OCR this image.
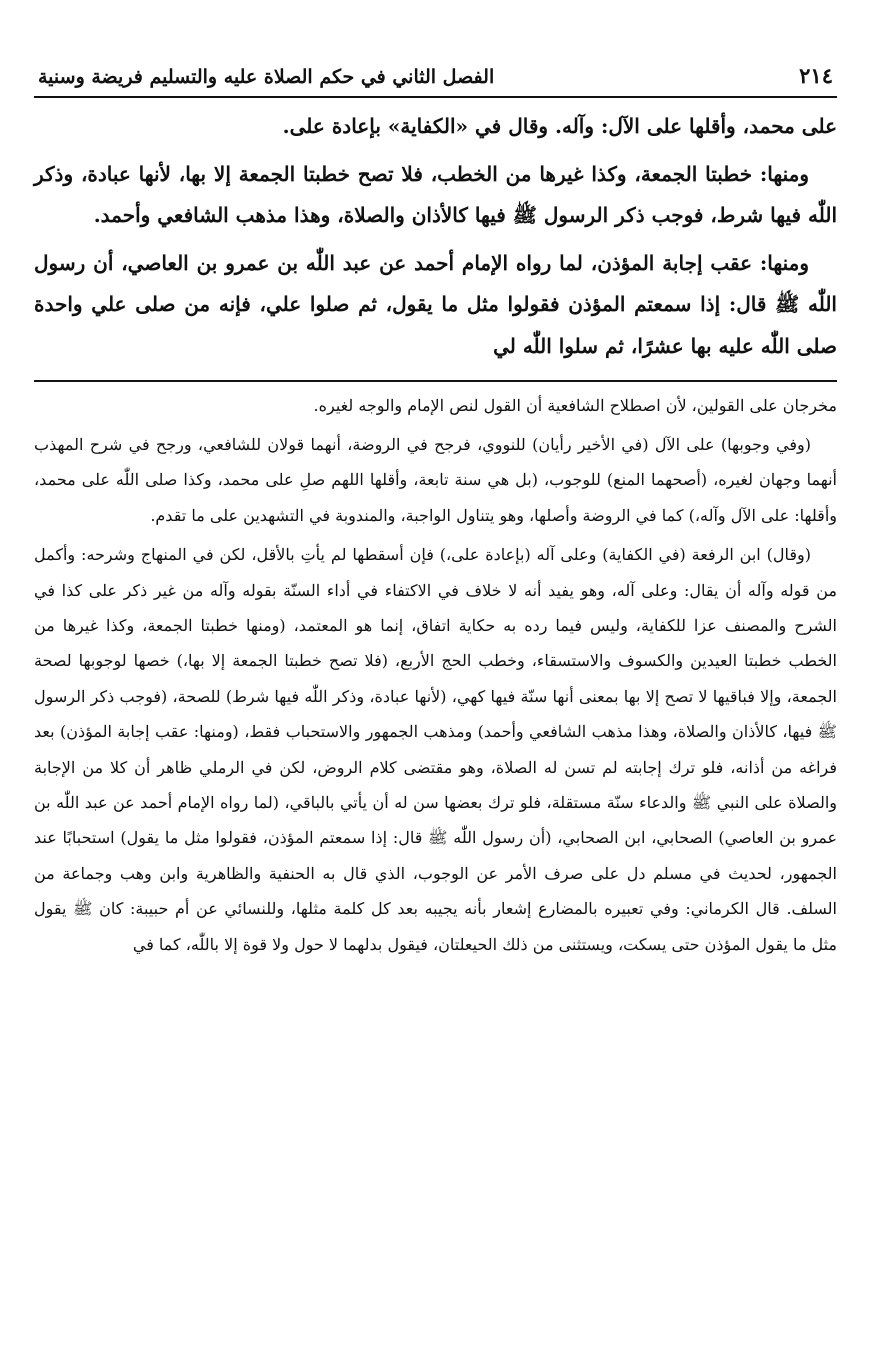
٢١٤
الفصل الثاني في حكم الصلاة عليه والتسليم فريضة وسنية

على محمد، وأقلها على الآل: وآله. وقال في «الكفاية» بإعادة على.

ومنها: خطبتا الجمعة، وكذا غيرها من الخطب، فلا تصح خطبتا الجمعة إلا بها، لأنها عبادة، وذكر اللّٰه فيها شرط، فوجب ذكر الرسول ﷺ فيها كالأذان والصلاة، وهذا مذهب الشافعي وأحمد.

ومنها: عقب إجابة المؤذن، لما رواه الإمام أحمد عن عبد اللّٰه بن عمرو بن العاصي، أن رسول اللّٰه ﷺ قال: إذا سمعتم المؤذن فقولوا مثل ما يقول، ثم صلوا علي، فإنه من صلى علي واحدة صلى اللّٰه عليه بها عشرًا، ثم سلوا اللّٰه لي

مخرجان على القولين، لأن اصطلاح الشافعية أن القول لنص الإمام والوجه لغيره.

(وفي وجوبها) على الآل (في الأخير رأيان) للنووي، فرجح في الروضة، أنهما قولان للشافعي، ورجح في شرح المهذب أنهما وجهان لغيره، (أصحهما المنع) للوجوب، (بل هي سنة تابعة، وأقلها اللهم صلِ على محمد، وكذا صلى اللّٰه على محمد، وأقلها: على الآل وآله،) كما في الروضة وأصلها، وهو يتناول الواجبة، والمندوبة في التشهدين على ما تقدم.

(وقال) ابن الرفعة (في الكفاية) وعلى آله (بإعادة على،) فإن أسقطها لم يأتِ بالأقل، لكن في المنهاج وشرحه: وأكمل من قوله وآله أن يقال: وعلى آله، وهو يفيد أنه لا خلاف في الاكتفاء في أداء السنّة بقوله وآله من غير ذكر على كذا في الشرح والمصنف عزا للكفاية، وليس فيما رده به حكاية اتفاق، إنما هو المعتمد، (ومنها خطبتا الجمعة، وكذا غيرها من الخطب خطبتا العيدين والكسوف والاستسقاء، وخطب الحج الأربع، (فلا تصح خطبتا الجمعة إلا بها،) خصها لوجوبها لصحة الجمعة، وإلا فباقيها لا تصح إلا بها بمعنى أنها سنّة فيها كهي، (لأنها عبادة، وذكر اللّٰه فيها شرط) للصحة، (فوجب ذكر الرسول ﷺ فيها، كالأذان والصلاة، وهذا مذهب الشافعي وأحمد) ومذهب الجمهور والاستحباب فقط، (ومنها: عقب إجابة المؤذن) بعد فراغه من أذانه، فلو ترك إجابته لم تسن له الصلاة، وهو مقتضى كلام الروض، لكن في الرملي ظاهر أن كلا من الإجابة والصلاة على النبي ﷺ والدعاء سنّة مستقلة، فلو ترك بعضها سن له أن يأتي بالباقي، (لما رواه الإمام أحمد عن عبد اللّٰه بن عمرو بن العاصي) الصحابي، ابن الصحابي، (أن رسول اللّٰه ﷺ قال: إذا سمعتم المؤذن، فقولوا مثل ما يقول) استحبابًا عند الجمهور، لحديث في مسلم دل على صرف الأمر عن الوجوب، الذي قال به الحنفية والظاهرية وابن وهب وجماعة من السلف. قال الكرماني: وفي تعبيره بالمضارع إشعار بأنه يجيبه بعد كل كلمة مثلها، وللنسائي عن أم حبيبة: كان ﷺ يقول مثل ما يقول المؤذن حتى يسكت، ويستثنى من ذلك الحيعلتان، فيقول بدلهما لا حول ولا قوة إلا باللّٰه، كما في
